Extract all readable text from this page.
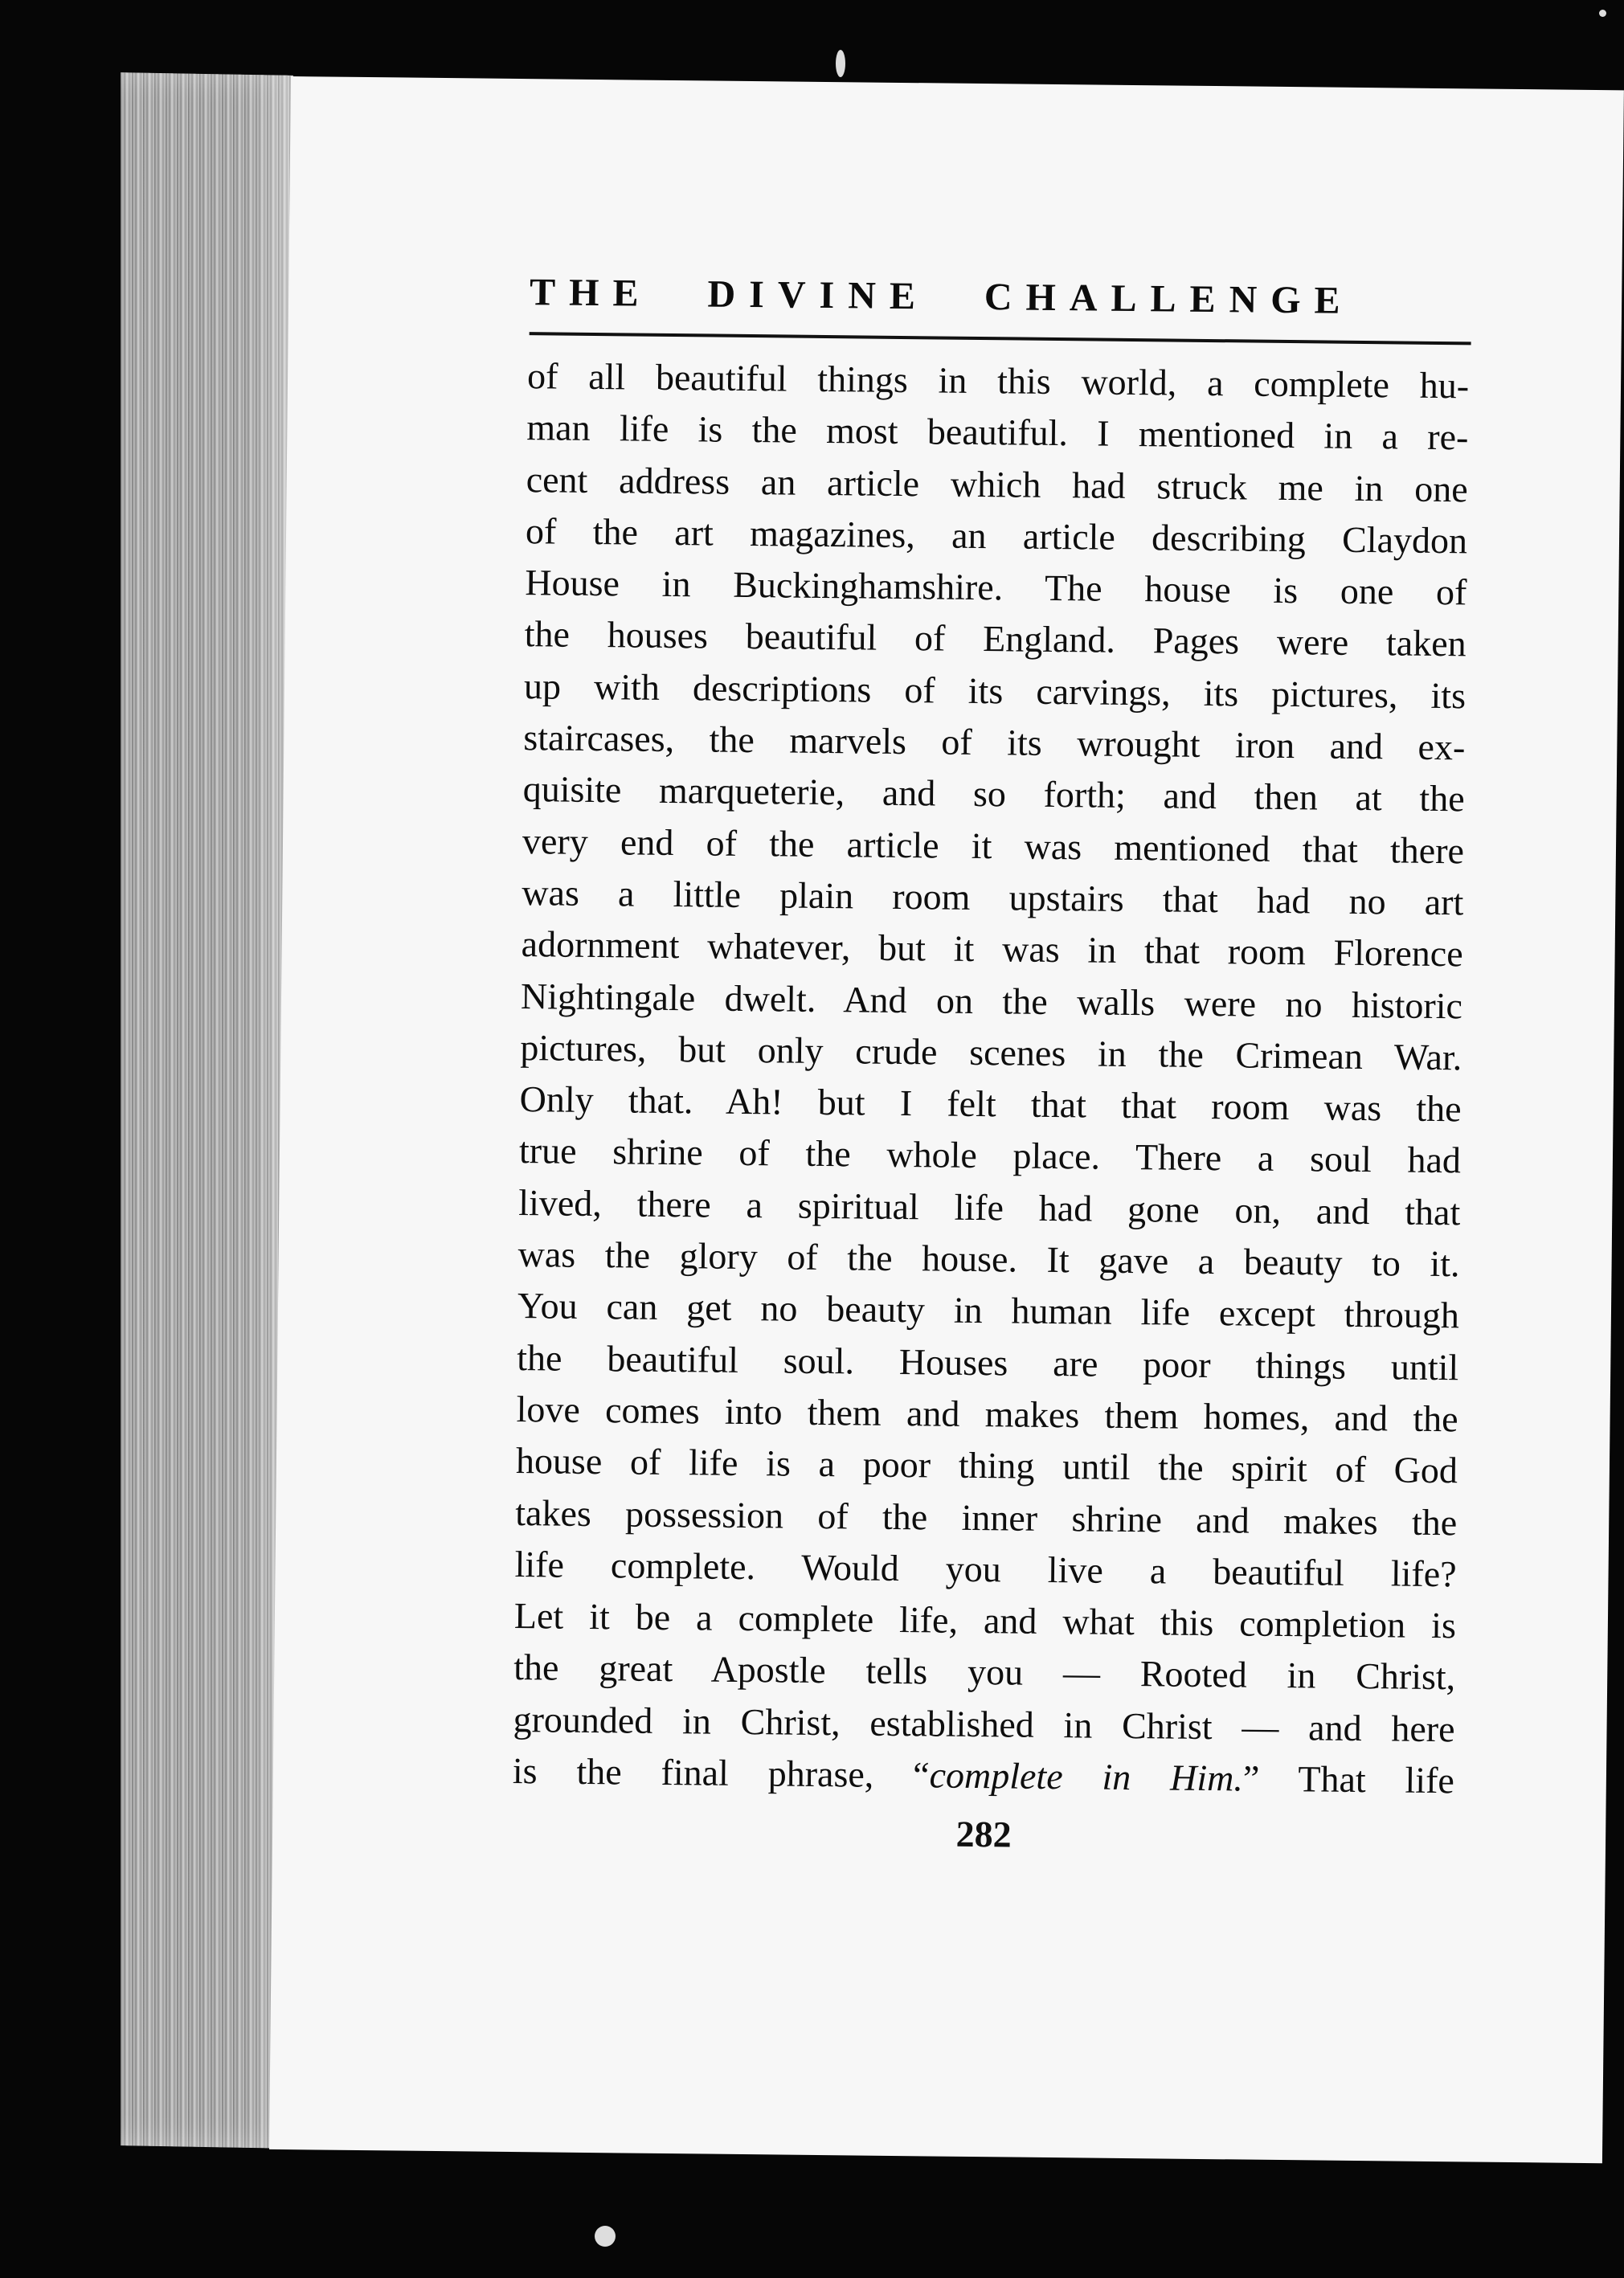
THE DIVINE CHALLENGE
of all beautiful things in this world, a complete hu-
man life is the most beautiful. I mentioned in a re-
cent address an article which had struck me in one
of the art magazines, an article describing Claydon
House in Buckinghamshire. The house is one of
the houses beautiful of England. Pages were taken
up with descriptions of its carvings, its pictures, its
staircases, the marvels of its wrought iron and ex-
quisite marqueterie, and so forth; and then at the
very end of the article it was mentioned that there
was a little plain room upstairs that had no art
adornment whatever, but it was in that room Florence
Nightingale dwelt. And on the walls were no historic
pictures, but only crude scenes in the Crimean War.
Only that. Ah! but I felt that that room was the
true shrine of the whole place. There a soul had
lived, there a spiritual life had gone on, and that
was the glory of the house. It gave a beauty to it.
You can get no beauty in human life except through
the beautiful soul. Houses are poor things until
love comes into them and makes them homes, and the
house of life is a poor thing until the spirit of God
takes possession of the inner shrine and makes the
life complete. Would you live a beautiful life?
Let it be a complete life, and what this completion is
the great Apostle tells you — Rooted in Christ,
grounded in Christ, established in Christ — and here
is the final phrase, “complete in Him.” That life
282
